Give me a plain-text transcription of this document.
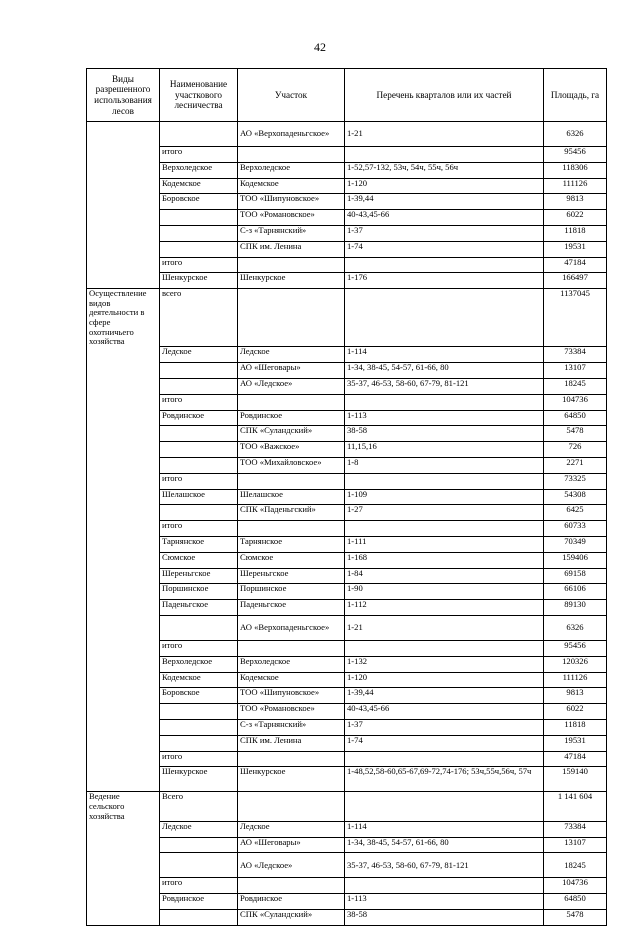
42
Виды разрешенного использования лесов	Наименование участкового лесничества	Участок	Перечень кварталов или их частей	Площадь, га
		АО «Верхопаденьгское»	1-21	6326
	итого			95456
	Верхоледское	Верхоледское	1-52,57-132, 53ч, 54ч, 55ч, 56ч	118306
	Кодемское	Кодемское	1-120	111126
	Боровское	ТОО «Шипуновское»	1-39,44	9813
		ТОО «Романовское»	40-43,45-66	6022
		С-з «Тарнянский»	1-37	11818
		СПК им. Ленина	1-74	19531
	итого			47184
	Шенкурское	Шенкурское	1-176	166497
Осуществление видов деятельности в сфере охотничьего хозяйства	всего			1137045
	Ледское	Ледское	1-114	73384
		АО «Шеговары»	1-34, 38-45, 54-57, 61-66, 80	13107
		АО «Ледское»	35-37, 46-53, 58-60, 67-79, 81-121	18245
	итого			104736
	Ровдинское	Ровдинское	1-113	64850
		СПК «Суландский»	38-58	5478
		ТОО «Важское»	11,15,16	726
		ТОО «Михайловское»	1-8	2271
	итого			73325
	Шелашское	Шелашское	1-109	54308
		СПК «Паденьгский»	1-27	6425
	итого			60733
	Тарнянское	Тарнянское	1-111	70349
	Сюмское	Сюмское	1-168	159406
	Шереньгское	Шереньгское	1-84	69158
	Поршинское	Поршинское	1-90	66106
	Паденьгское	Паденьгское	1-112	89130
		АО «Верхопаденьгское»	1-21	6326
	итого			95456
	Верхоледское	Верхоледское	1-132	120326
	Кодемское	Кодемское	1-120	111126
	Боровское	ТОО «Шипуновское»	1-39,44	9813
		ТОО «Романовское»	40-43,45-66	6022
		С-з «Тарнянский»	1-37	11818
		СПК им. Ленина	1-74	19531
	итого			47184
	Шенкурское	Шенкурское	1-48,52,58-60,65-67,69-72,74-176; 53ч,55ч,56ч, 57ч	159140
Ведение сельского хозяйства	Всего			1 141 604
	Ледское	Ледское	1-114	73384
		АО «Шеговары»	1-34, 38-45, 54-57, 61-66, 80	13107
		АО «Ледское»	35-37, 46-53, 58-60, 67-79, 81-121	18245
	итого			104736
	Ровдинское	Ровдинское	1-113	64850
		СПК «Суландский»	38-58	5478
